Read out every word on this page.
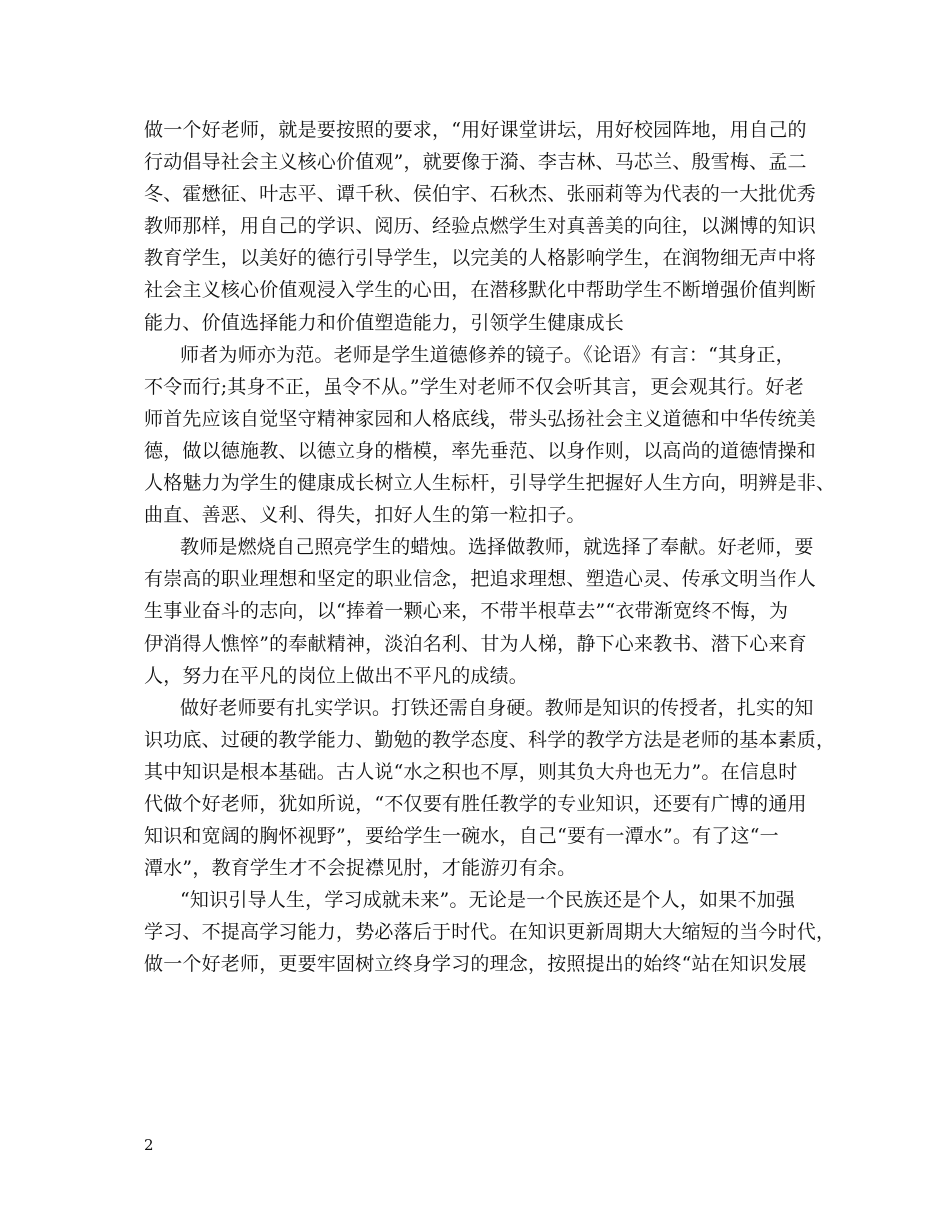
做一个好老师，就是要按照的要求，“用好课堂讲坛，用好校园阵地，用自己的
行动倡导社会主义核心价值观”，就要像于漪、李吉林、马芯兰、殷雪梅、孟二
冬、霍懋征、叶志平、谭千秋、侯伯宇、石秋杰、张丽莉等为代表的一大批优秀
教师那样，用自己的学识、阅历、经验点燃学生对真善美的向往，以渊博的知识
教育学生，以美好的德行引导学生，以完美的人格影响学生，在润物细无声中将
社会主义核心价值观浸入学生的心田，在潜移默化中帮助学生不断增强价值判断
能力、价值选择能力和价值塑造能力，引领学生健康成长
师者为师亦为范。老师是学生道德修养的镜子。《论语》有言：“其身正，
不令而行;其身不正，虽令不从。”学生对老师不仅会听其言，更会观其行。好老
师首先应该自觉坚守精神家园和人格底线，带头弘扬社会主义道德和中华传统美
德，做以德施教、以德立身的楷模，率先垂范、以身作则，以高尚的道德情操和
人格魅力为学生的健康成长树立人生标杆，引导学生把握好人生方向，明辨是非、
曲直、善恶、义利、得失，扣好人生的第一粒扣子。
教师是燃烧自己照亮学生的蜡烛。选择做教师，就选择了奉献。好老师，要
有崇高的职业理想和坚定的职业信念，把追求理想、塑造心灵、传承文明当作人
生事业奋斗的志向，以“捧着一颗心来，不带半根草去”“衣带渐宽终不悔，为
伊消得人憔悴”的奉献精神，淡泊名利、甘为人梯，静下心来教书、潜下心来育
人，努力在平凡的岗位上做出不平凡的成绩。
做好老师要有扎实学识。打铁还需自身硬。教师是知识的传授者，扎实的知
识功底、过硬的教学能力、勤勉的教学态度、科学的教学方法是老师的基本素质，
其中知识是根本基础。古人说“水之积也不厚，则其负大舟也无力”。在信息时
代做个好老师，犹如所说，“不仅要有胜任教学的专业知识，还要有广博的通用
知识和宽阔的胸怀视野”，要给学生一碗水，自己“要有一潭水”。有了这“一
潭水”，教育学生才不会捉襟见肘，才能游刃有余。
“知识引导人生，学习成就未来”。无论是一个民族还是个人，如果不加强
学习、不提高学习能力，势必落后于时代。在知识更新周期大大缩短的当今时代，
做一个好老师，更要牢固树立终身学习的理念，按照提出的始终“站在知识发展
2
